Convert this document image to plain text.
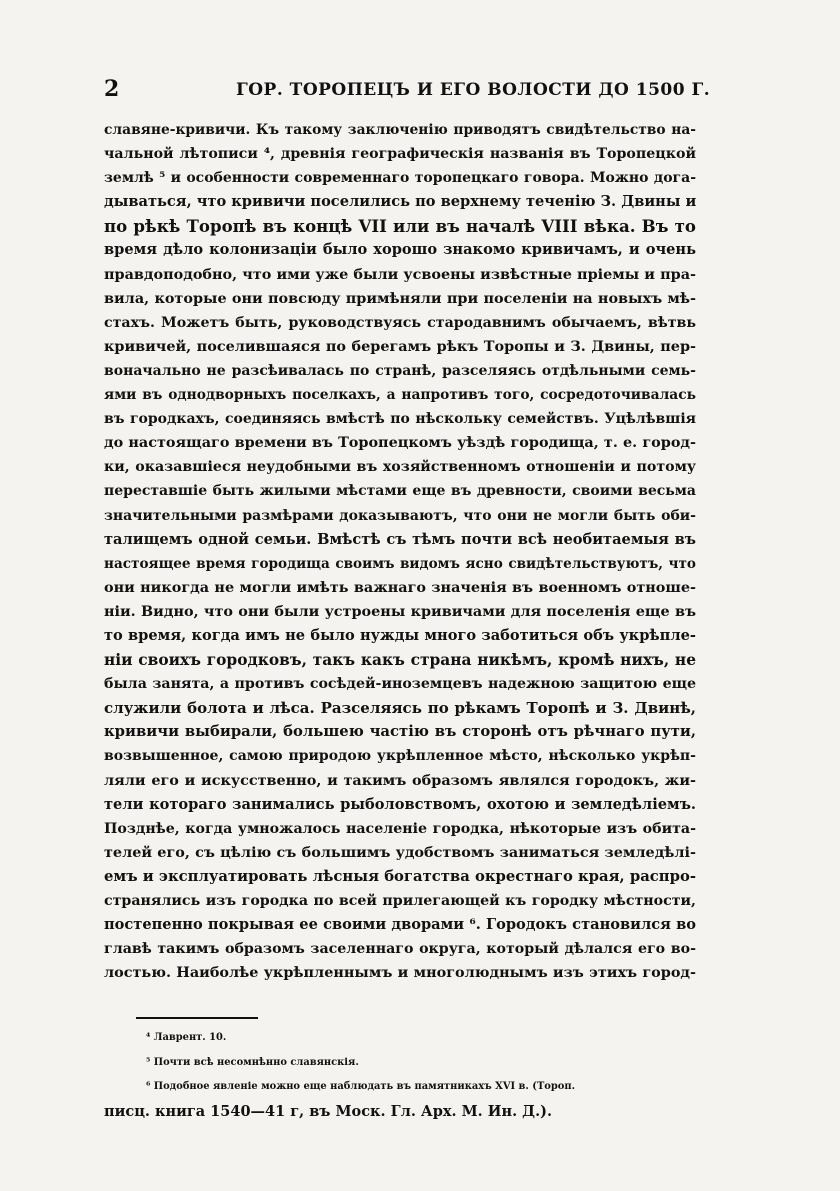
2	ГОР. ТОРОПЕЦЪ И ЕГО ВОЛОСТИ ДО 1500 Г.
славяне-кривичи. Къ такому заключенію приводятъ свидѣтельство на-
чальной лѣтописи ⁴, древнія географическія названія въ Торопецкой
землѣ ⁵ и особенности современнаго торопецкаго говора. Можно дога-
дываться, что кривичи поселились по верхнему теченію З. Двины и
по рѣкѣ Торопѣ въ концѣ VII или въ началѣ VIII вѣка. Въ то
время дѣло колонизаціи было хорошо знакомо кривичамъ, и очень
правдоподобно, что ими уже были усвоены извѣстные пріемы и пра-
вила, которые они повсюду примѣняли при поселеніи на новыхъ мѣ-
стахъ. Можетъ быть, руководствуясь стародавнимъ обычаемъ, вѣтвь
кривичей, поселившаяся по берегамъ рѣкъ Торопы и З. Двины, пер-
воначально не разсѣивалась по странѣ, разселяясь отдѣльными семь-
ями въ однодворныхъ поселкахъ, а напротивъ того, сосредоточивалась
въ городкахъ, соединяясь вмѣстѣ по нѣскольку семействъ. Уцѣлѣвшія
до настоящаго времени въ Торопецкомъ уѣздѣ городища, т. е. город-
ки, оказавшіеся неудобными въ хозяйственномъ отношеніи и потому
переставшіе быть жилыми мѣстами еще въ древности, своими весьма
значительными размѣрами доказываютъ, что они не могли быть оби-
талищемъ одной семьи. Вмѣстѣ съ тѣмъ почти всѣ необитаемыя въ
настоящее время городища своимъ видомъ ясно свидѣтельствуютъ, что
они никогда не могли имѣть важнаго значенія въ военномъ отноше-
ніи. Видно, что они были устроены кривичами для поселенія еще въ
то время, когда имъ не было нужды много заботиться объ укрѣпле-
ніи своихъ городковъ, такъ какъ страна никѣмъ, кромѣ нихъ, не
была занята, а противъ сосѣдей-иноземцевъ надежною защитою еще
служили болота и лѣса. Разселяясь по рѣкамъ Торопѣ и З. Двинѣ,
кривичи выбирали, большею частію въ сторонѣ отъ рѣчнаго пути,
возвышенное, самою природою укрѣпленное мѣсто, нѣсколько укрѣп-
ляли его и искусственно, и такимъ образомъ являлся городокъ, жи-
тели котораго занимались рыболовствомъ, охотою и земледѣліемъ.
Позднѣе, когда умножалось населеніе городка, нѣкоторые изъ обита-
телей его, съ цѣлію съ большимъ удобствомъ заниматься земледѣлі-
емъ и эксплуатировать лѣсныя богатства окрестнаго края, распро-
странялись изъ городка по всей прилегающей къ городку мѣстности,
постепенно покрывая ее своими дворами ⁶. Городокъ становился во
главѣ такимъ образомъ заселеннаго округа, который дѣлался его во-
лостью. Наиболѣе укрѣпленнымъ и многолюднымъ изъ этихъ город-
⁴ Лаврент. 10.
⁵ Почти всѣ несомнѣнно славянскія.
⁶ Подобное явленіе можно еще наблюдать въ памятникахъ XVI в. (Тороп.
писц. книга 1540—41 г, въ Моск. Гл. Арх. М. Ин. Д.).
